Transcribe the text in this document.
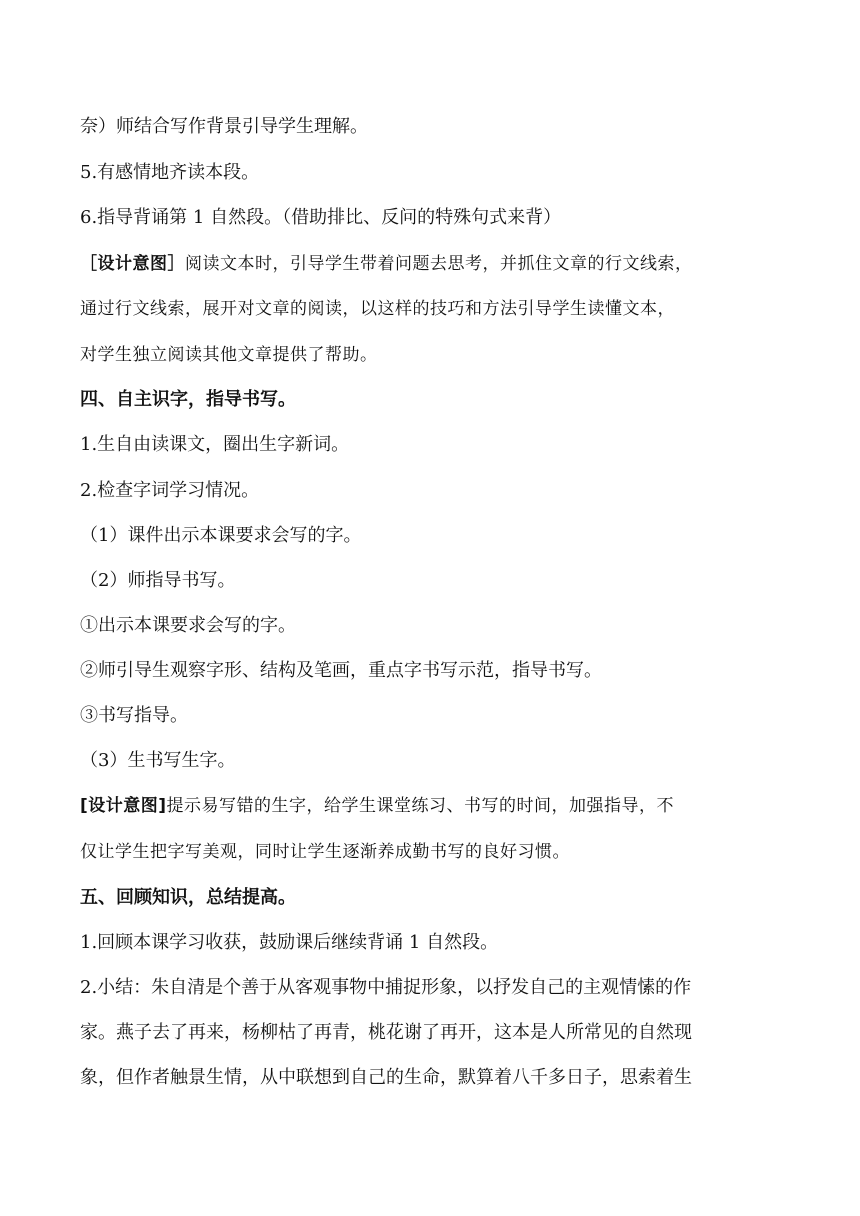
奈）师结合写作背景引导学生理解。
5.有感情地齐读本段。
6.指导背诵第 1 自然段。（借助排比、反问的特殊句式来背）
［设计意图］阅读文本时，引导学生带着问题去思考，并抓住文章的行文线索，
通过行文线索，展开对文章的阅读，以这样的技巧和方法引导学生读懂文本，
对学生独立阅读其他文章提供了帮助。
四、自主识字，指导书写。
1.生自由读课文，圈出生字新词。
2.检查字词学习情况。
（1）课件出示本课要求会写的字。
（2）师指导书写。
①出示本课要求会写的字。
②师引导生观察字形、结构及笔画，重点字书写示范，指导书写。
③书写指导。
（3）生书写生字。
[设计意图]提示易写错的生字，给学生课堂练习、书写的时间，加强指导，不
仅让学生把字写美观，同时让学生逐渐养成勤书写的良好习惯。
五、回顾知识，总结提高。
1.回顾本课学习收获，鼓励课后继续背诵 1 自然段。
2.小结：朱自清是个善于从客观事物中捕捉形象，以抒发自己的主观情愫的作
家。燕子去了再来，杨柳枯了再青，桃花谢了再开，这本是人所常见的自然现
象，但作者触景生情，从中联想到自己的生命，默算着八千多日子，思索着生
